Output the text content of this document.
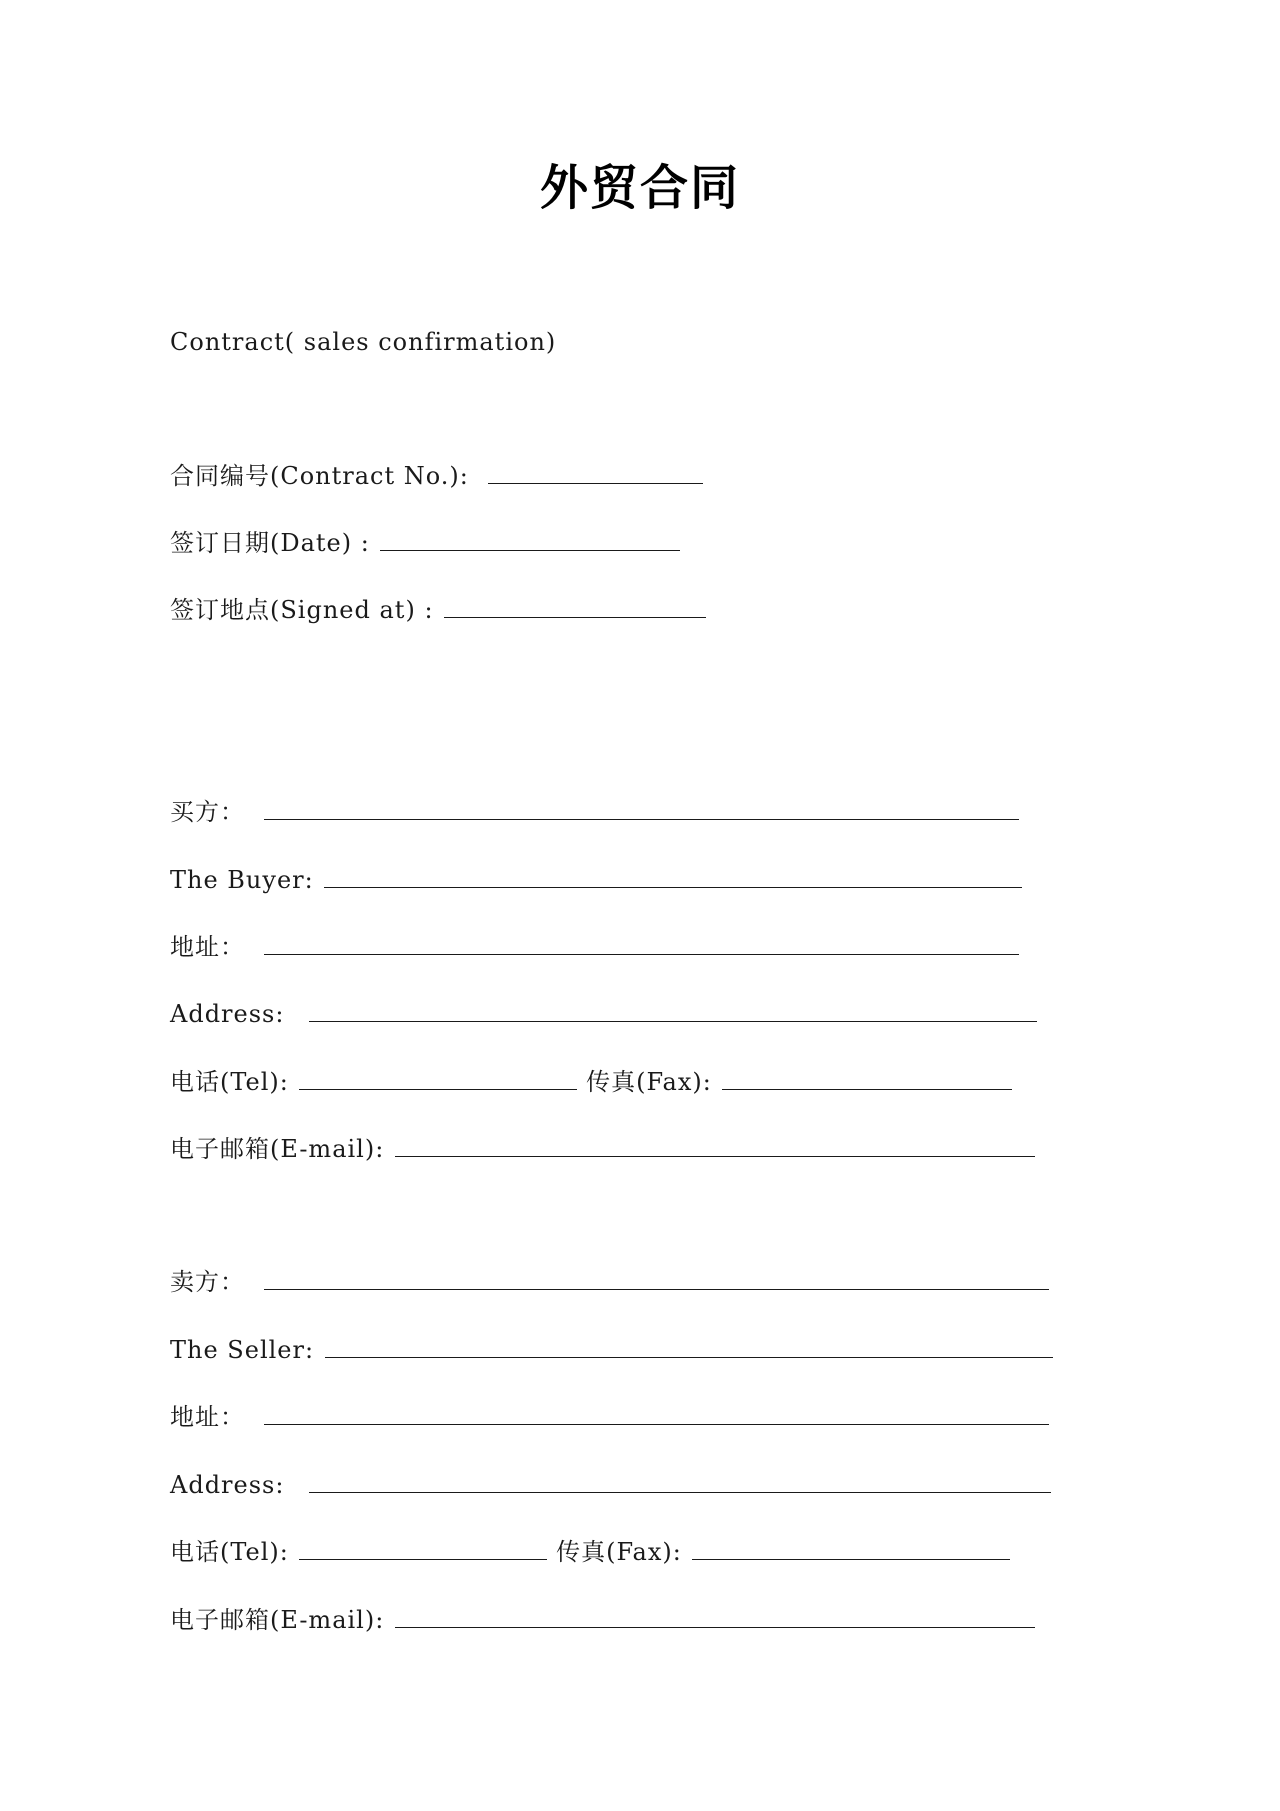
外贸合同
Contract( sales confirmation)
合同编号(Contract No.):
签订日期(Date) :
签订地点(Signed at) :
买方：
The Buyer:
地址：
Address:
电话(Tel):	传真(Fax):
电子邮箱(E-mail):
卖方：
The Seller:
地址：
Address:
电话(Tel):	传真(Fax):
电子邮箱(E-mail):
